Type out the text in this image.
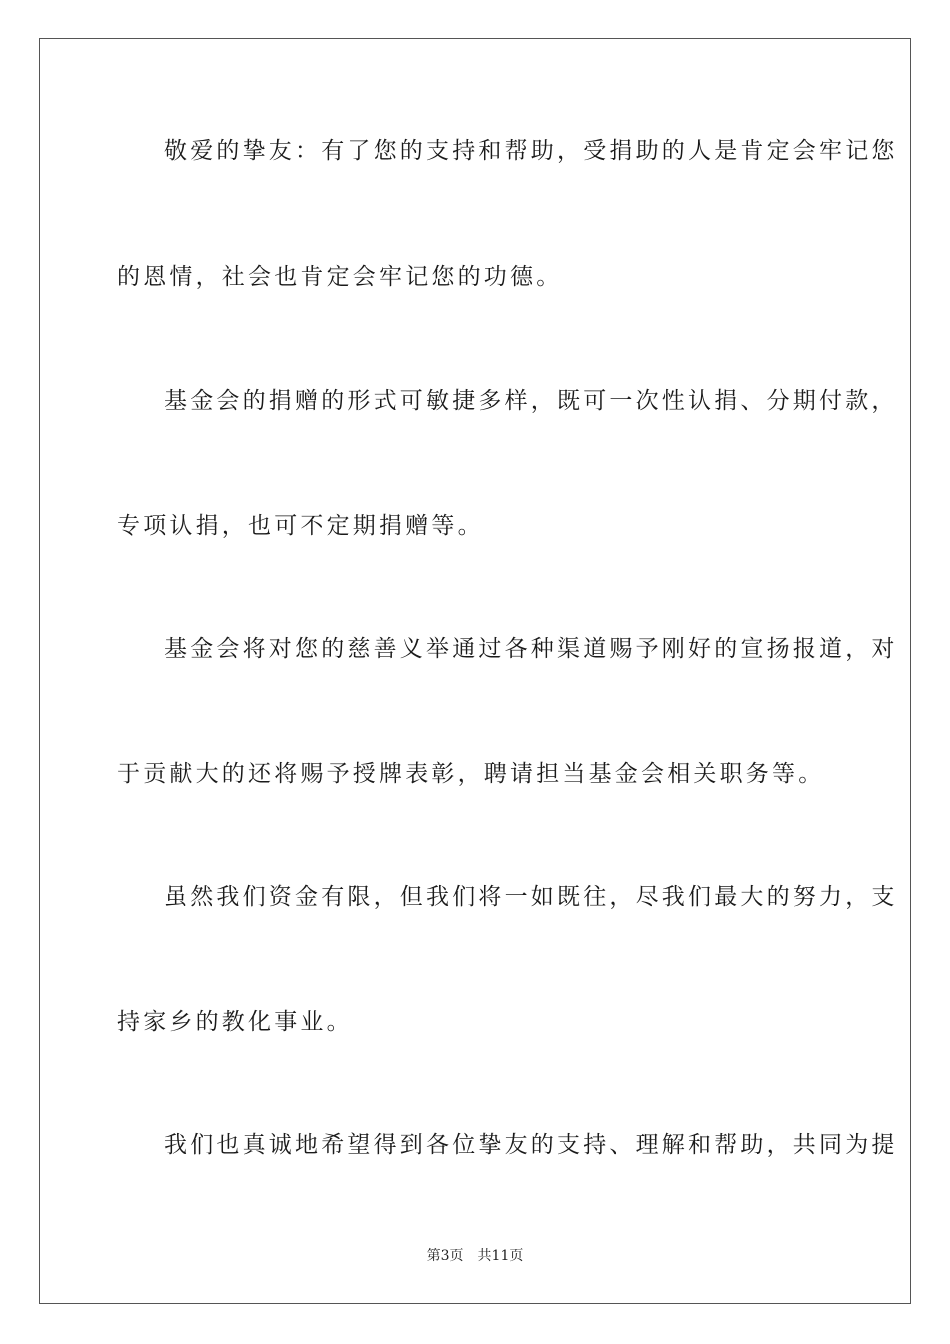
敬爱的挚友：有了您的支持和帮助，受捐助的人是肯定会牢记您
的恩情，社会也肯定会牢记您的功德。
基金会的捐赠的形式可敏捷多样，既可一次性认捐、分期付款，
专项认捐，也可不定期捐赠等。
基金会将对您的慈善义举通过各种渠道赐予刚好的宣扬报道，对
于贡献大的还将赐予授牌表彰，聘请担当基金会相关职务等。
虽然我们资金有限，但我们将一如既往，尽我们最大的努力，支
持家乡的教化事业。
我们也真诚地希望得到各位挚友的支持、理解和帮助，共同为提
第3页 共11页
